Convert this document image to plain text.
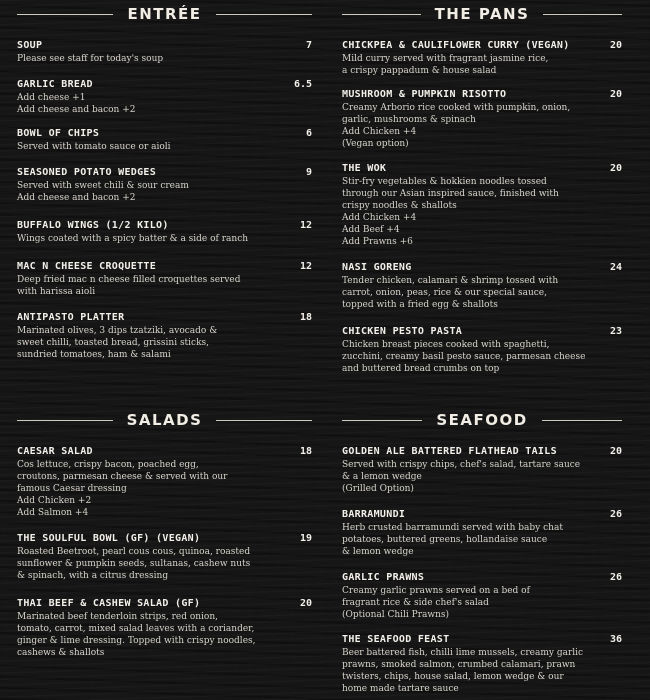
ENTRÉE
SOUP	7
Please see staff for today's soup
GARLIC BREAD	6.5
Add cheese +1
Add cheese and bacon +2
BOWL OF CHIPS	6
Served with tomato sauce or aioli
SEASONED POTATO WEDGES	9
Served with sweet chili & sour cream
Add cheese and bacon +2
BUFFALO WINGS (1/2 KILO)	12
Wings coated with a spicy batter & a side of ranch
MAC N CHEESE CROQUETTE	12
Deep fried mac n cheese filled croquettes served
with harissa aioli
ANTIPASTO PLATTER	18
Marinated olives, 3 dips tzatziki, avocado &
sweet chilli, toasted bread, grissini sticks,
sundried tomatoes, ham & salami
SALADS
CAESAR SALAD	18
Cos lettuce, crispy bacon, poached egg,
croutons, parmesan cheese & served with our
famous Caesar dressing
Add Chicken +2
Add Salmon +4
THE SOULFUL BOWL (GF) (VEGAN)	19
Roasted Beetroot, pearl cous cous, quinoa, roasted
sunflower & pumpkin seeds, sultanas, cashew nuts
& spinach, with a citrus dressing
THAI BEEF & CASHEW SALAD (GF)	20
Marinated beef tenderloin strips, red onion,
tomato, carrot, mixed salad leaves with a coriander,
ginger & lime dressing. Topped with crispy noodles,
cashews & shallots
THE PANS
CHICKPEA & CAULIFLOWER CURRY (VEGAN)	20
Mild curry served with fragrant jasmine rice,
a crispy pappadum & house salad
MUSHROOM & PUMPKIN RISOTTO	20
Creamy Arborio rice cooked with pumpkin, onion,
garlic, mushrooms & spinach
Add Chicken +4
(Vegan option)
THE WOK	20
Stir-fry vegetables & hokkien noodles tossed
through our Asian inspired sauce, finished with
crispy noodles & shallots
Add Chicken +4
Add Beef +4
Add Prawns +6
NASI GORENG	24
Tender chicken, calamari & shrimp tossed with
carrot, onion, peas, rice & our special sauce,
topped with a fried egg & shallots
CHICKEN PESTO PASTA	23
Chicken breast pieces cooked with spaghetti,
zucchini, creamy basil pesto sauce, parmesan cheese
and buttered bread crumbs on top
SEAFOOD
GOLDEN ALE BATTERED FLATHEAD TAILS	20
Served with crispy chips, chef's salad, tartare sauce
& a lemon wedge
(Grilled Option)
BARRAMUNDI	26
Herb crusted barramundi served with baby chat
potatoes, buttered greens, hollandaise sauce
& lemon wedge
GARLIC PRAWNS	26
Creamy garlic prawns served on a bed of
fragrant rice & side chef's salad
(Optional Chili Prawns)
THE SEAFOOD FEAST	36
Beer battered fish, chilli lime mussels, creamy garlic
prawns, smoked salmon, crumbed calamari, prawn
twisters, chips, house salad, lemon wedge & our
home made tartare sauce
